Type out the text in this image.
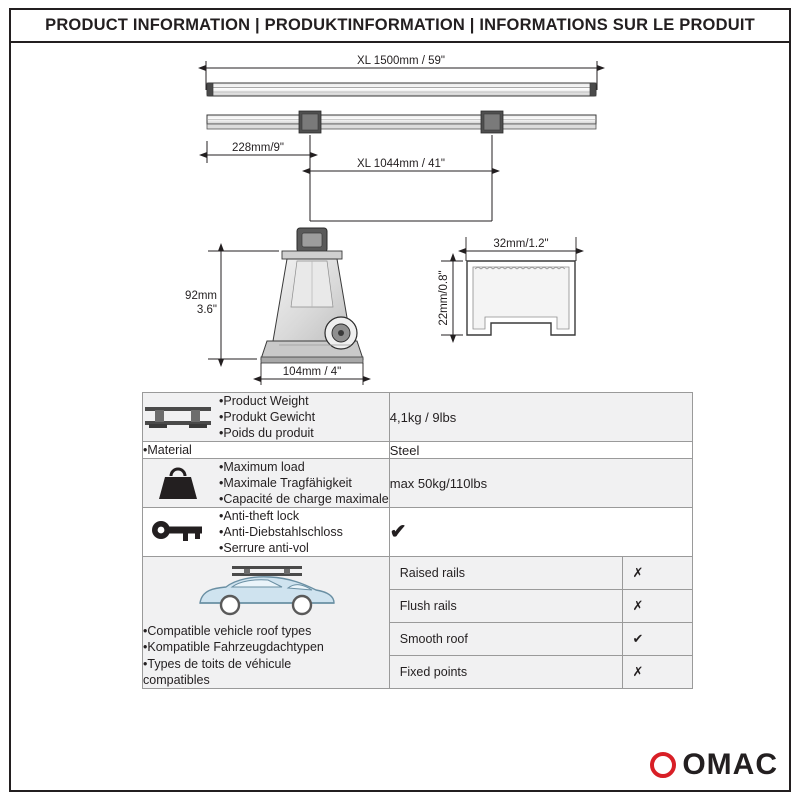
PRODUCT INFORMATION | PRODUKTINFORMATION | INFORMATIONS SUR LE PRODUIT
XL 1500mm / 59"
228mm/9"
XL 1044mm / 41"
92mm
3.6"
104mm / 4"
32mm/1.2"
22mm/0.8"
•Product Weight
•Produkt Gewicht
•Poids du produit
	4,1kg / 9lbs

•Material	Steel

•Maximum load
•Maximale Tragfähigkeit
•Capacité de charge maximale
	max 50kg/110lbs

•Anti-theft lock
•Anti-Diebstahlschloss
•Serrure anti-vol
	✔

•Compatible vehicle roof types
•Kompatible Fahrzeugdachtypen
•Types de toits de véhicule
compatibles

Raised rails	✗
Flush rails	✗
Smooth roof	✔
Fixed points	✗
OMAC
